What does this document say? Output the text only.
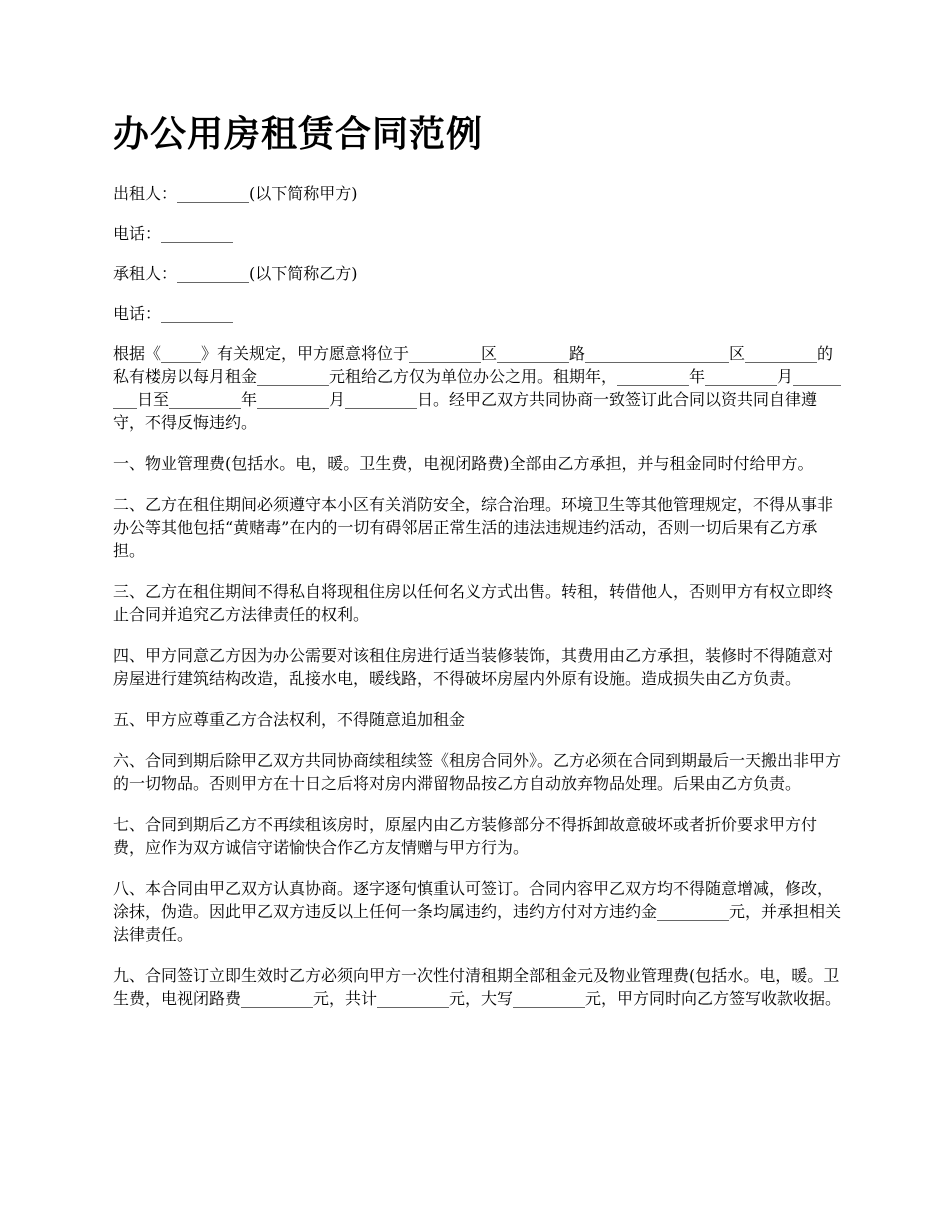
办公用房租赁合同范例

出租人：_________(以下简称甲方)

电话：_________

承租人：_________(以下简称乙方)

电话：_________

根据《_____》有关规定，甲方愿意将位于_________区_________路__________________区_________的私有楼房以每月租金_________元租给乙方仅为单位办公之用。租期年，_________年_________月_________日至_________年_________月_________日。经甲乙双方共同协商一致签订此合同以资共同自律遵守，不得反悔违约。

一、物业管理费(包括水。电，暖。卫生费，电视闭路费)全部由乙方承担，并与租金同时付给甲方。

二、乙方在租住期间必须遵守本小区有关消防安全，综合治理。环境卫生等其他管理规定，不得从事非办公等其他包括“黄赌毒”在内的一切有碍邻居正常生活的违法违规违约活动，否则一切后果有乙方承担。

三、乙方在租住期间不得私自将现租住房以任何名义方式出售。转租，转借他人，否则甲方有权立即终止合同并追究乙方法律责任的权利。

四、甲方同意乙方因为办公需要对该租住房进行适当装修装饰，其费用由乙方承担，装修时不得随意对房屋进行建筑结构改造，乱接水电，暖线路，不得破坏房屋内外原有设施。造成损失由乙方负责。

五、甲方应尊重乙方合法权利，不得随意追加租金

六、合同到期后除甲乙双方共同协商续租续签《租房合同外》。乙方必须在合同到期最后一天搬出非甲方的一切物品。否则甲方在十日之后将对房内滞留物品按乙方自动放弃物品处理。后果由乙方负责。

七、合同到期后乙方不再续租该房时，原屋内由乙方装修部分不得拆卸故意破坏或者折价要求甲方付费，应作为双方诚信守诺愉快合作乙方友情赠与甲方行为。

八、本合同由甲乙双方认真协商。逐字逐句慎重认可签订。合同内容甲乙双方均不得随意增减，修改，涂抹，伪造。因此甲乙双方违反以上任何一条均属违约，违约方付对方违约金_________元，并承担相关法律责任。

九、合同签订立即生效时乙方必须向甲方一次性付清租期全部租金元及物业管理费(包括水。电，暖。卫生费，电视闭路费_________元，共计_________元，大写_________元，甲方同时向乙方签写收款收据。
